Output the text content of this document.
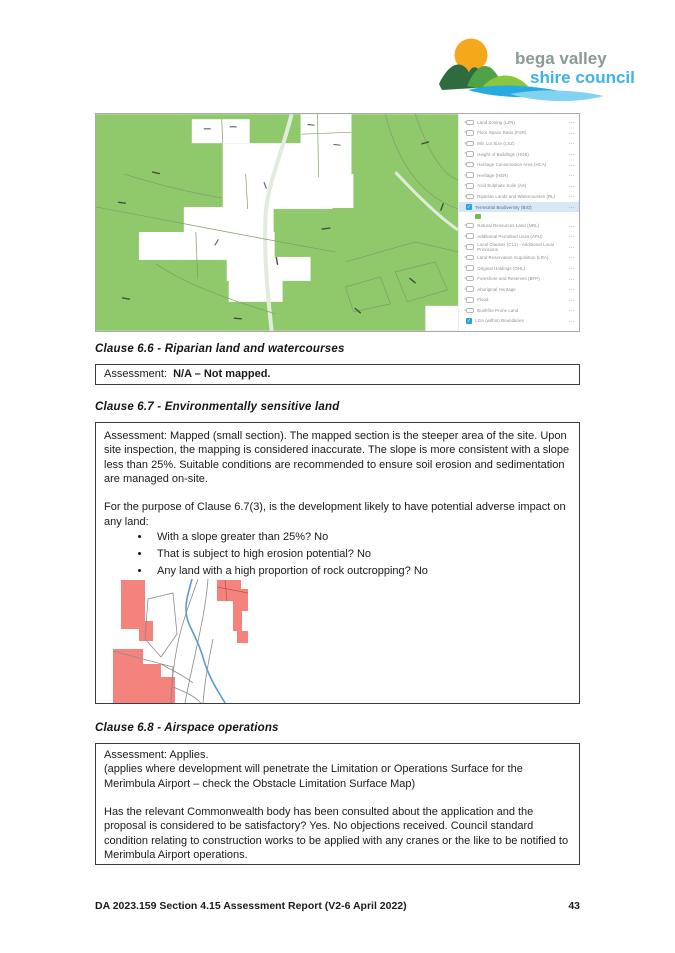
bega valley
shire council
Land Zoning (LZN)	…
Floor Space Ratio (FSR)	…
Min Lot Size (LSZ)	…
Height of Buildings (HOB)	…
Heritage Conservation Area (HCA)	…
Heritage (HER)	…
Acid Sulphate Soils (AS)	…
Riparian Lands and Watercourses (RL)	…
✓ Terrestrial Biodiversity (BIO)	…
Natural Resources Land (NRL)	…
Additional Permitted Uses (APU)	…
Local Clauses (CL1) - Additional Local Provisions	…
Land Reservation Acquisition (LRA)	…
Original Holdings (OHL)	…
Foreshore and Reserves (BFP)	…
Aboriginal Heritage	…
Flood	…
Bushfire Prone Land	…
✓ LGA (within) Boundaries	…
Clause 6.6 - Riparian land and watercourses

Assessment: N/A – Not mapped.

Clause 6.7 - Environmentally sensitive land

Assessment: Mapped (small section). The mapped section is the steeper area of the site. Upon site inspection, the mapping is considered inaccurate. The slope is more consistent with a slope less than 25%. Suitable conditions are recommended to ensure soil erosion and sedimentation are managed on-site.

For the purpose of Clause 6.7(3), is the development likely to have potential adverse impact on any land:

• With a slope greater than 25%? No
• That is subject to high erosion potential? No
• Any land with a high proportion of rock outcropping? No
Clause 6.8 - Airspace operations

Assessment: Applies.

(applies where development will penetrate the Limitation or Operations Surface for the Merimbula Airport – check the Obstacle Limitation Surface Map)

Has the relevant Commonwealth body has been consulted about the application and the proposal is considered to be satisfactory? Yes. No objections received. Council standard condition relating to construction works to be applied with any cranes or the like to be notified to Merimbula Airport operations.

DA 2023.159 Section 4.15 Assessment Report (V2-6 April 2022)	43
